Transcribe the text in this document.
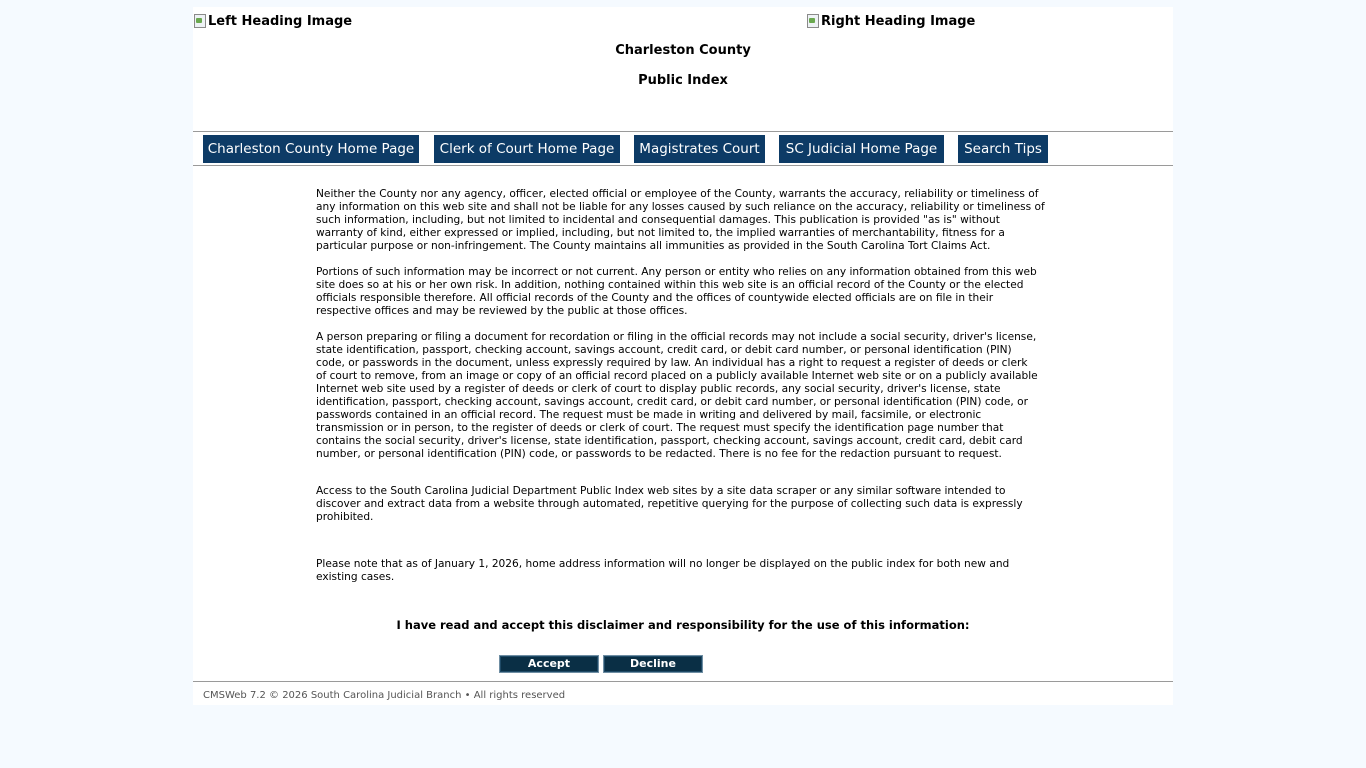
Left Heading Image	Right Heading Image
Charleston County
Public Index
Charleston County Home Page	Clerk of Court Home Page	Magistrates Court	SC Judicial Home Page	Search Tips

Neither the County nor any agency, officer, elected official or employee of the County, warrants the accuracy, reliability or timeliness of
any information on this web site and shall not be liable for any losses caused by such reliance on the accuracy, reliability or timeliness of
such information, including, but not limited to incidental and consequential damages. This publication is provided "as is" without
warranty of kind, either expressed or implied, including, but not limited to, the implied warranties of merchantability, fitness for a
particular purpose or non-infringement. The County maintains all immunities as provided in the South Carolina Tort Claims Act.

Portions of such information may be incorrect or not current. Any person or entity who relies on any information obtained from this web
site does so at his or her own risk. In addition, nothing contained within this web site is an official record of the County or the elected
officials responsible therefore. All official records of the County and the offices of countywide elected officials are on file in their
respective offices and may be reviewed by the public at those offices.

A person preparing or filing a document for recordation or filing in the official records may not include a social security, driver's license,
state identification, passport, checking account, savings account, credit card, or debit card number, or personal identification (PIN)
code, or passwords in the document, unless expressly required by law. An individual has a right to request a register of deeds or clerk
of court to remove, from an image or copy of an official record placed on a publicly available Internet web site or on a publicly available
Internet web site used by a register of deeds or clerk of court to display public records, any social security, driver's license, state
identification, passport, checking account, savings account, credit card, or debit card number, or personal identification (PIN) code, or
passwords contained in an official record. The request must be made in writing and delivered by mail, facsimile, or electronic
transmission or in person, to the register of deeds or clerk of court. The request must specify the identification page number that
contains the social security, driver's license, state identification, passport, checking account, savings account, credit card, debit card
number, or personal identification (PIN) code, or passwords to be redacted. There is no fee for the redaction pursuant to request.

Access to the South Carolina Judicial Department Public Index web sites by a site data scraper or any similar software intended to
discover and extract data from a website through automated, repetitive querying for the purpose of collecting such data is expressly
prohibited.

Please note that as of January 1, 2026, home address information will no longer be displayed on the public index for both new and
existing cases.

I have read and accept this disclaimer and responsibility for the use of this information:
Accept	Decline
CMSWeb 7.2 © 2026 South Carolina Judicial Branch • All rights reserved
